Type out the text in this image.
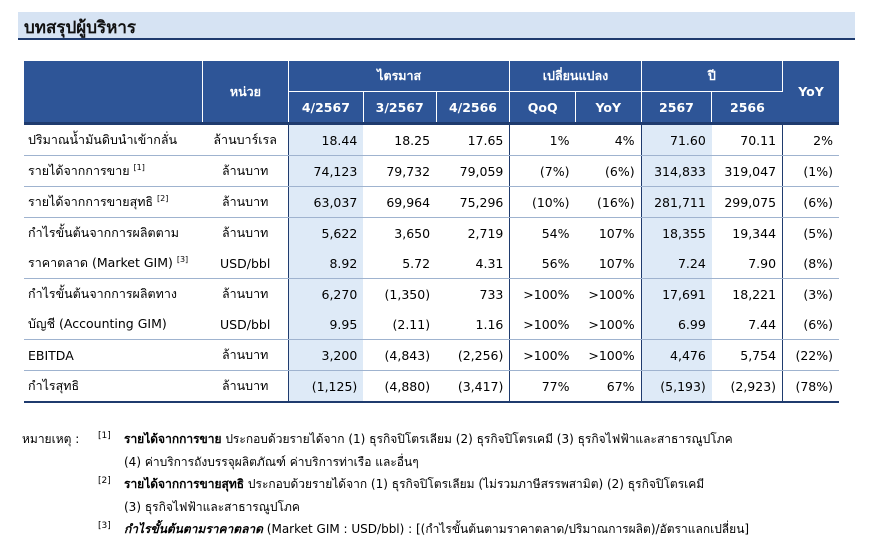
บทสรุปผู้บริหาร
	หน่วย	ไตรมาส			เปลี่ยนแปลง		ปี		YoY
		4/2567	3/2567	4/2566	QoQ	YoY	2567	2566	
ปริมาณน้ำมันดิบนำเข้ากลั่น	ล้านบาร์เรล	18.44	18.25	17.65	1%	4%	71.60	70.11	2%
รายได้จากการขาย [1]	ล้านบาท	74,123	79,732	79,059	(7%)	(6%)	314,833	319,047	(1%)
รายได้จากการขายสุทธิ [2]	ล้านบาท	63,037	69,964	75,296	(10%)	(16%)	281,711	299,075	(6%)
กำไรขั้นต้นจากการผลิตตาม	ล้านบาท	5,622	3,650	2,719	54%	107%	18,355	19,344	(5%)
ราคาตลาด (Market GIM) [3]	USD/bbl	8.92	5.72	4.31	56%	107%	7.24	7.90	(8%)
กำไรขั้นต้นจากการผลิตทาง	ล้านบาท	6,270	(1,350)	733	>100%	>100%	17,691	18,221	(3%)
บัญชี (Accounting GIM)	USD/bbl	9.95	(2.11)	1.16	>100%	>100%	6.99	7.44	(6%)
EBITDA	ล้านบาท	3,200	(4,843)	(2,256)	>100%	>100%	4,476	5,754	(22%)
กำไรสุทธิ	ล้านบาท	(1,125)	(4,880)	(3,417)	77%	67%	(5,193)	(2,923)	(78%)
หมายเหตุ : [1] รายได้จากการขาย ประกอบด้วยรายได้จาก (1) ธุรกิจปิโตรเลียม (2) ธุรกิจปิโตรเคมี (3) ธุรกิจไฟฟ้าและสาธารณูปโภค
(4) ค่าบริการถังบรรจุผลิตภัณฑ์ ค่าบริการท่าเรือ และอื่นๆ
[2] รายได้จากการขายสุทธิ ประกอบด้วยรายได้จาก (1) ธุรกิจปิโตรเลียม (ไม่รวมภาษีสรรพสามิต) (2) ธุรกิจปิโตรเคมี
(3) ธุรกิจไฟฟ้าและสาธารณูปโภค
[3] กำไรขั้นต้นตามราคาตลาด (Market GIM : USD/bbl) : [(กำไรขั้นต้นตามราคาตลาด/ปริมาณการผลิต)/อัตราแลกเปลี่ยน]
